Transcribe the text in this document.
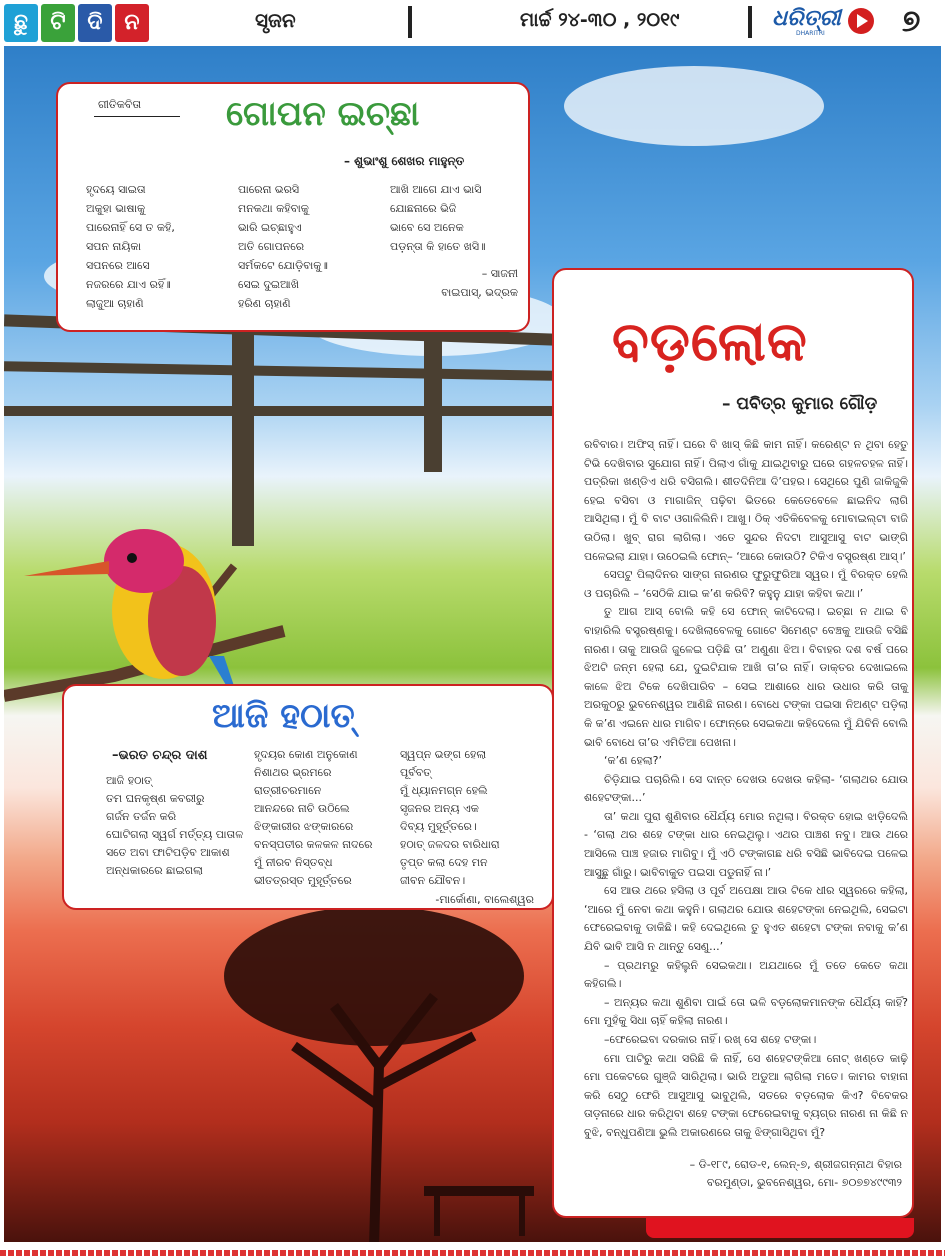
ଛୁ	ଟି ଦି ନ	ସୃଜନ	ମାର୍ଚ୍ଚ ୨୪-୩୦ , ୨୦୧୯	ଧରିତ୍ରୀ
DHARITRI	୭
ଗୀତିକବିତା ଗୋପନ ଇଚ୍ଛା
– ଶୁଭାଂଶୁ ଶେଖର ମାହୁନ୍ତ
ହୃଦୟେ ସାଇତା
ଅକୁହା ଭାଷାକୁ
ପାରେନାହିଁ ସେ ତ କହି,
ସପନ ନାୟିକା
ସପନରେ ଆସେ
ନଜରରେ ଯାଏ ରହିଁ॥
ଲାଜୁଆ ଚାହାଣି
ପାରେନା ଭରସି
ମନକଥା କହିବାକୁ
ଭାରି ଇଚ୍ଛାହୁଏ
ଅତି ଗୋପନରେ
ସର୍ମକଟେ ଯୋଡ଼ିବାକୁ॥
ସେଇ ଦୁଇଆଖି
ହରିଣ ଚାହାଣି
ଆଖି ଆଗେ ଯାଏ ଭାସି
ଯୋଛନାରେ ଭିଜି
ଭାବେ ସେ ଅନେକ
ପଡ଼ନ୍ତା କି ହାତେ ଖସି॥
– ସାଜନୀ
ବାଇପାସ୍, ଭଦ୍ରକ
ଆଜି ହଠାତ୍
–ଭରତ ଚନ୍ଦ୍ର ଦାଶ
ଆଜି ହଠାତ୍
ତମ ଘନକୃଷ୍ଣ କବରୀରୁ
ଗର୍ଜନ ତର୍ଜନ କରି
ଘୋଟିଗଲା ସ୍ୱର୍ଗ ମର୍ତ୍ତ୍ୟ ପାତାଳ
ସତେ ଅବା ଫାଟିପଡ଼ିବ ଆକାଶ
ଅନ୍ଧକାରରେ ଛାଇଗଲା
ହୃଦୟର କୋଣ ଅନୁକୋଣ
ନିଶାଥର ଭ୍ରମରେ
ରାତ୍ରୀଚରମାନେ
ଆନନ୍ଦରେ ନାଚି ଉଠିଲେ
ଝିଙ୍କାରୀର ଝଙ୍କାରରେ
ବନସ୍ପତୀର କଳକଳ ନାଦରେ
ମୁଁ ନୀରବ ନିସ୍ତବ୍ଧ
ଭୀତତ୍ରସ୍ତ ମୁହୂର୍ତ୍ତରେ
ସ୍ୱପ୍ନ ଭଙ୍ଗ ହେଲା
ପୂର୍ବବତ୍
ମୁଁ ଧ୍ୟାନମଗ୍ନ ହେଲି
ସୃଜନର ଅନ୍ୟ ଏକ
ଦିବ୍ୟ ମୁହୂର୍ତ୍ତରେ।
ହଠାତ୍ ଜଳଦର ବାରିଧାରା
ତୃପ୍ତ କଲା ଦେହ ମନ
ଜୀବନ ଯୌବନ।
-ମାର୍କୋଣା, ବାଲେଶ୍ୱର
ବଡ଼ଲୋକ
– ପବିତ୍ର କୁମାର ଗୌଡ଼

ରବିବାର। ଅଫିସ୍ ନାହିଁ। ଘରେ ବି ଖାସ୍ କିଛି କାମ ନାହିଁ। କରେଣ୍ଟ ନ ଥିବା ହେତୁ ଟିଭି ଦେଖିବାର ସୁଯୋଗ ନାହିଁ। ପିଲାଏ ଗାଁକୁ ଯାଇଥିବାରୁ ଘରେ ଗହଳଚହଳ ନାହିଁ। ପତ୍ରିକା ଖଣ୍ଡିଏ ଧରି ବସିଗଲି। ଶୀତଦିନିଆ ଦି’ପହର। ସେଥିରେ ପୁଣି ଜାକିଜୁକି ହେଇ ବସିବା ଓ ମାଗାଜିନ୍ ପଢ଼ିବା ଭିତରେ କେତେବେଳେ ଛାଇନିଦ ଲାଗି ଆସିଥିଲା। ମୁଁ ବି ବାଟ ଓଗାଳିଲିନି। ଆଖୁ। ଠିକ୍ ଏତିକିବେଳକୁ ମୋବାଇଲ୍‌ଟା ବାଜି ଉଠିଲା। ଖୁବ୍ ରାଗ ଲାଗିଲା। ଏତେ ସୁନ୍ଦର ନିଦଟା ଆସୁଆସୁ ବାଟ ଭାଙ୍ଗି ପଳେଇଲା ଯାହା। ଉଠେଇଲି ଫୋନ୍– ‘ଆରେ କୋଉଠି? ଟିକିଏ ବସ୍ତ୍ରଷ୍ଣ ଆସ୍।’

ସେପଟୁ ପିଲାଦିନର ସାଙ୍ଗ ନାରଣର ଫୁରୁଫୁରିଆ ସ୍ୱର। ମୁଁ ବିରକ୍ତ ହେଲି ଓ ପଚାରିଲି – ‘ସେଠିକି ଯାଇ କ’ଣ କରିବି? କହୁନୁ ଯାହା କହିବା କଥା।’

ତୁ ଆଗ ଆସ୍ ବୋଲି କହି ସେ ଫୋନ୍ କାଟିଦେଲା। ଇଚ୍ଛା ନ ଥାଇ ବି ବାହାରିଲି ବସ୍ତ୍ରଷ୍ଣକୁ। ଦେଖିଲାବେଳକୁ ଗୋଟେ ସିମେଣ୍ଟ ବେଞ୍ଚକୁ ଆଉଜି ବସିଛି ନାରଣ। ତାକୁ ଆଉଜି ଜୁଳେଇ ପଡ଼ିଛି ତା’ ଅଣୁଣା ଝିଅ। ବିବାହର ଦଶ ବର୍ଷ ପରେ ଝିଅଟି ଜନ୍ମ ହେଲା ଯେ, ଦୁଇଟିଯାକ ଆଖି ତା’ର ନାହିଁ। ଡାକ୍ତର ଦେଖାଇଲେ କାଳେ ଝିଅ ଟିକେ ଦେଖିପାରିବ – ସେଇ ଆଶାରେ ଧାର ଉଧାର କରି ତାକୁ ଅରକୁଠରୁ ଭୁବନେଶ୍ୱର ଆଣିଛି ନାରଣ। ବୋଧେ ଟଙ୍କା ପଇସା ନିଅଣ୍ଟ ପଡ଼ିଲା କି କ’ଣ ଏଇନେ ଧାର ମାଗିବ। ଫୋନ୍‌ରେ ସେଇକଥା କହିଦେଲେ ମୁଁ ଯିବିନି ବୋଲି ଭାବି ବୋଧେ ତା’ର ଏମିତିଆ ପେଖନା।

‘କ’ଣ ହେଲା?’

ଚିଡ଼ିଯାଇ ପଚାରିଲି। ସେ ଦାନ୍ତ ଦେଖଉ ଦେଖଉ କହିଲା- ‘ଗଲାଥର ଯୋଉ ଶହେଟଙ୍କା...’

ତା’ କଥା ପୁରା ଶୁଣିବାର ଧୈର୍ଯ୍ୟ ମୋର ନଥିଲା। ବିରକ୍ତ ହୋଇ ଝାଡ଼ିଦେଲି - ‘ଗଲା ଥର ଶହେ ଟଙ୍କା ଧାର ନେଇଥିଲୁ। ଏଥର ପାଞ୍ଚଶ ନବୁ। ଆଉ ଥରେ ଆସିଲେ ପାଞ୍ଚ ହଜାର ମାଗିବୁ। ମୁଁ ଏଠି ଟଙ୍କାଗଛ ଧରି ବସିଛି ଭାବିଦେଇ ପଳେଇ ଆସୁଛୁ ଗାଁରୁ। ଭାବିବାକୁତ ପଇସା ପଡୁନାହିଁ ନା।’

ସେ ଆଉ ଥରେ ହସିଲା ଓ ପୂର୍ବ ଅପେକ୍ଷା ଆଉ ଟିକେ ଧୀର ସ୍ୱରରେ କହିଲା, ‘ଆରେ ମୁଁ ନେବା କଥା କହୁନି। ଗଲାଥର ଯୋଉ ଶହେଟଙ୍କା ନେଇଥିଲି, ସେଇଟା ଫେରେଇବାକୁ ଡାକିଛି। କହି ଦେଇଥିଲେ ତୁ ହୁଏତ ଶହେଟା ଟଙ୍କା ନବାକୁ କ’ଣ ଯିବି ଭାବି ଆସି ନ ଥାନ୍ତୁ ସେଣୁ...’

– ପ୍ରଥମରୁ କହିଲୁନି ସେଇକଥା। ଅଯଥାରେ ମୁଁ ତତେ କେତେ କଥା କହିଗଲି।

– ଅନ୍ୟର କଥା ଶୁଣିବା ପାଇଁ ତୋ ଭଳି ବଡ଼ଲୋକମାନଙ୍କ ଧୈର୍ଯ୍ୟ କାହିଁ? ମୋ ମୁହଁକୁ ସିଧା ଚାହିଁ କହିଲା ନାରଣ।

–ଫେରେଇବା ଦରକାର ନାହିଁ। ରଖ୍ ସେ ଶହେ ଟଙ୍କା।

ମୋ ପାଟିରୁ କଥା ସରିଛି କି ନାହିଁ, ସେ ଶହେଟଙ୍କିଆ ନୋଟ୍ ଖଣ୍ଡେ କାଢ଼ି ମୋ ପକେଟରେ ଗୁଞ୍ଜି ସାରିଥିଲା। ଭାରି ଅଡୁଆ ଲାଗିଲା ମତେ। କାମର ବାହାନା କରି ସେଠୁ ଫେରି ଆସୁଆସୁ ଭାବୁଥିଲି, ସତରେ ବଡ଼ଲୋକ କିଏ? ବିବେକର ତାଡ଼ନାରେ ଧାର କରିଥିବା ଶହେ ଟଙ୍କା ଫେରେଇବାକୁ ବ୍ୟଗ୍ର ନାରଣ ନା କିଛି ନ ବୁଝି, ବନ୍ଧୁପଣିଆ ଭୁଲି ଅକାରଣରେ ତାକୁ ଝିଙ୍ଗାସିଥିବା ମୁଁ?

– ଡି-୧୮୯, ରୋଡ-୧, ଲେନ୍-୭, ଶ୍ରୀଜଗନ୍ନାଥ ବିହାର
ବରମୁଣ୍ଡା, ଭୁବନେଶ୍ୱର, ମୋ- ୭୦୭୭୪୯୯୩୨
